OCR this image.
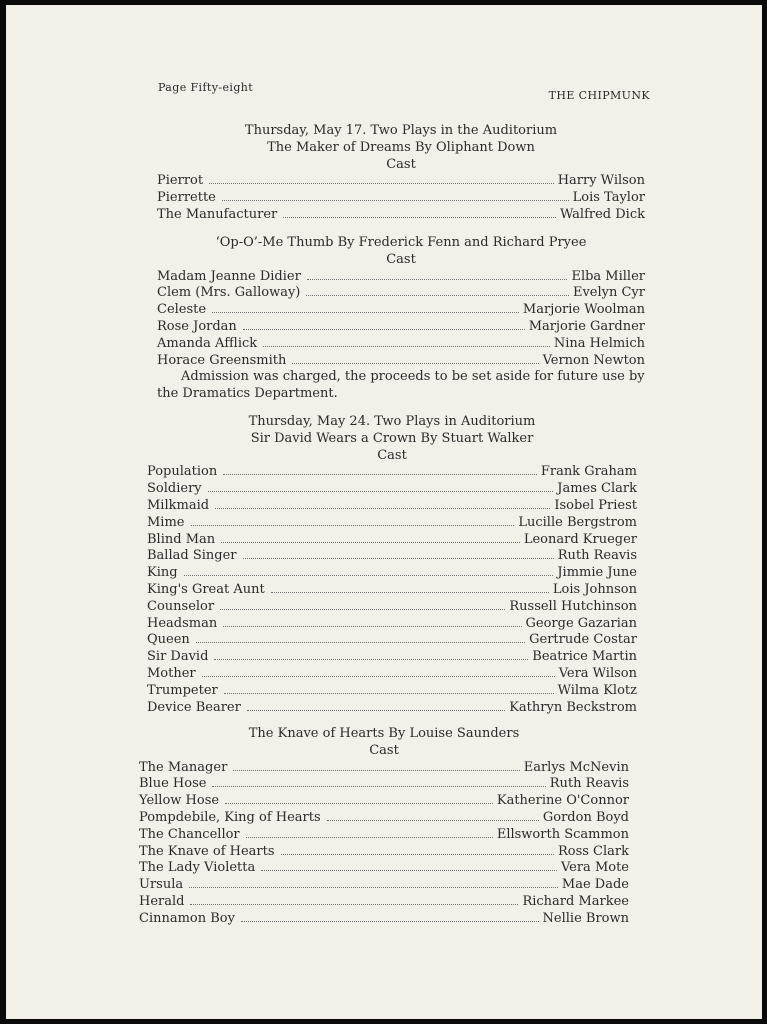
Page Fifty-eight
THE CHIPMUNK
Thursday, May 17. Two Plays in the Auditorium
The Maker of Dreams By Oliphant Down
Cast
Pierrot	Harry Wilson
Pierrette	Lois Taylor
The Manufacturer	Walfred Dick
‘Op-O’-Me Thumb By Frederick Fenn and Richard Pryee
Cast
Madam Jeanne Didier	Elba Miller
Clem (Mrs. Galloway)	Evelyn Cyr
Celeste	Marjorie Woolman
Rose Jordan	Marjorie Gardner
Amanda Afflick	Nina Helmich
Horace Greensmith	Vernon Newton

Admission was charged, the proceeds to be set aside for future use by the Dramatics Department.

Thursday, May 24. Two Plays in Auditorium
Sir David Wears a Crown By Stuart Walker
Cast
Population	Frank Graham
Soldiery	James Clark
Milkmaid	Isobel Priest
Mime	Lucille Bergstrom
Blind Man	Leonard Krueger
Ballad Singer	Ruth Reavis
King	Jimmie June
King's Great Aunt	Lois Johnson
Counselor	Russell Hutchinson
Headsman	George Gazarian
Queen	Gertrude Costar
Sir David	Beatrice Martin
Mother	Vera Wilson
Trumpeter	Wilma Klotz
Device Bearer	Kathryn Beckstrom
The Knave of Hearts By Louise Saunders
Cast
The Manager	Earlys McNevin
Blue Hose	Ruth Reavis
Yellow Hose	Katherine O'Connor
Pompdebile, King of Hearts	Gordon Boyd
The Chancellor	Ellsworth Scammon
The Knave of Hearts	Ross Clark
The Lady Violetta	Vera Mote
Ursula	Mae Dade
Herald	Richard Markee
Cinnamon Boy	Nellie Brown
